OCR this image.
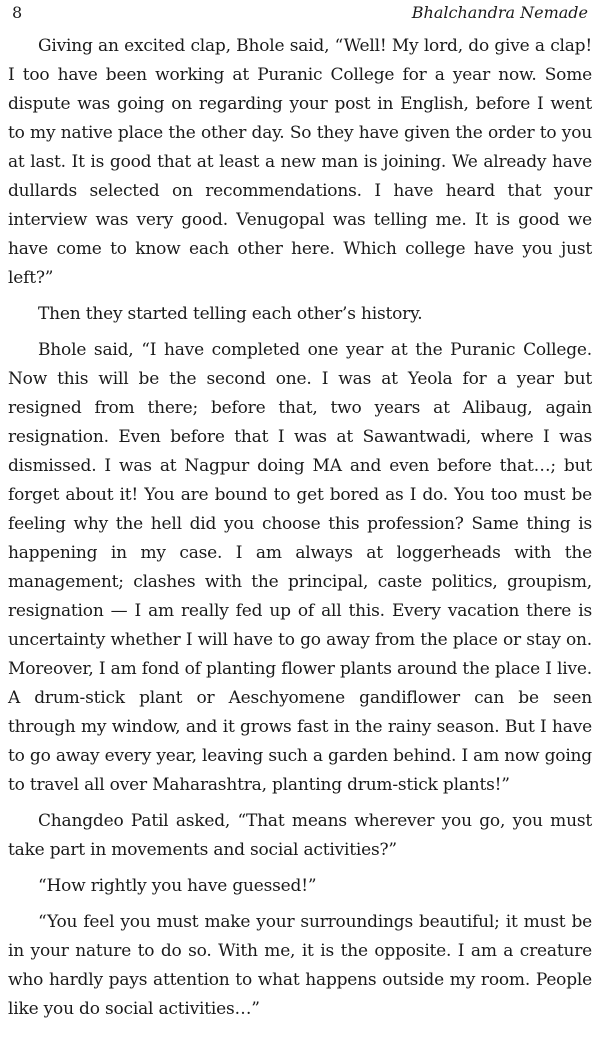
8	Bhalchandra Nemade

Giving an excited clap, Bhole said, “Well! My lord, do give a clap! I too have been working at Puranic College for a year now. Some dispute was going on regarding your post in English, before I went to my native place the other day. So they have given the order to you at last. It is good that at least a new man is joining. We already have dullards selected on recommendations. I have heard that your interview was very good. Venugopal was telling me. It is good we have come to know each other here. Which college have you just left?”

Then they started telling each other’s history.

Bhole said, “I have completed one year at the Puranic College. Now this will be the second one. I was at Yeola for a year but resigned from there; before that, two years at Alibaug, again resignation. Even before that I was at Sawantwadi, where I was dismissed. I was at Nagpur doing MA and even before that…; but forget about it! You are bound to get bored as I do. You too must be feeling why the hell did you choose this profession? Same thing is happening in my case. I am always at loggerheads with the management; clashes with the principal, caste politics, groupism, resignation — I am really fed up of all this. Every vacation there is uncertainty whether I will have to go away from the place or stay on. Moreover, I am fond of planting flower plants around the place I live. A drum-stick plant or Aeschyomene gandiflower can be seen through my window, and it grows fast in the rainy season. But I have to go away every year, leaving such a garden behind. I am now going to travel all over Maharashtra, planting drum-stick plants!”

Changdeo Patil asked, “That means wherever you go, you must take part in movements and social activities?”

“How rightly you have guessed!”

“You feel you must make your surroundings beautiful; it must be in your nature to do so. With me, it is the opposite. I am a creature who hardly pays attention to what happens outside my room. People like you do social activities…”
